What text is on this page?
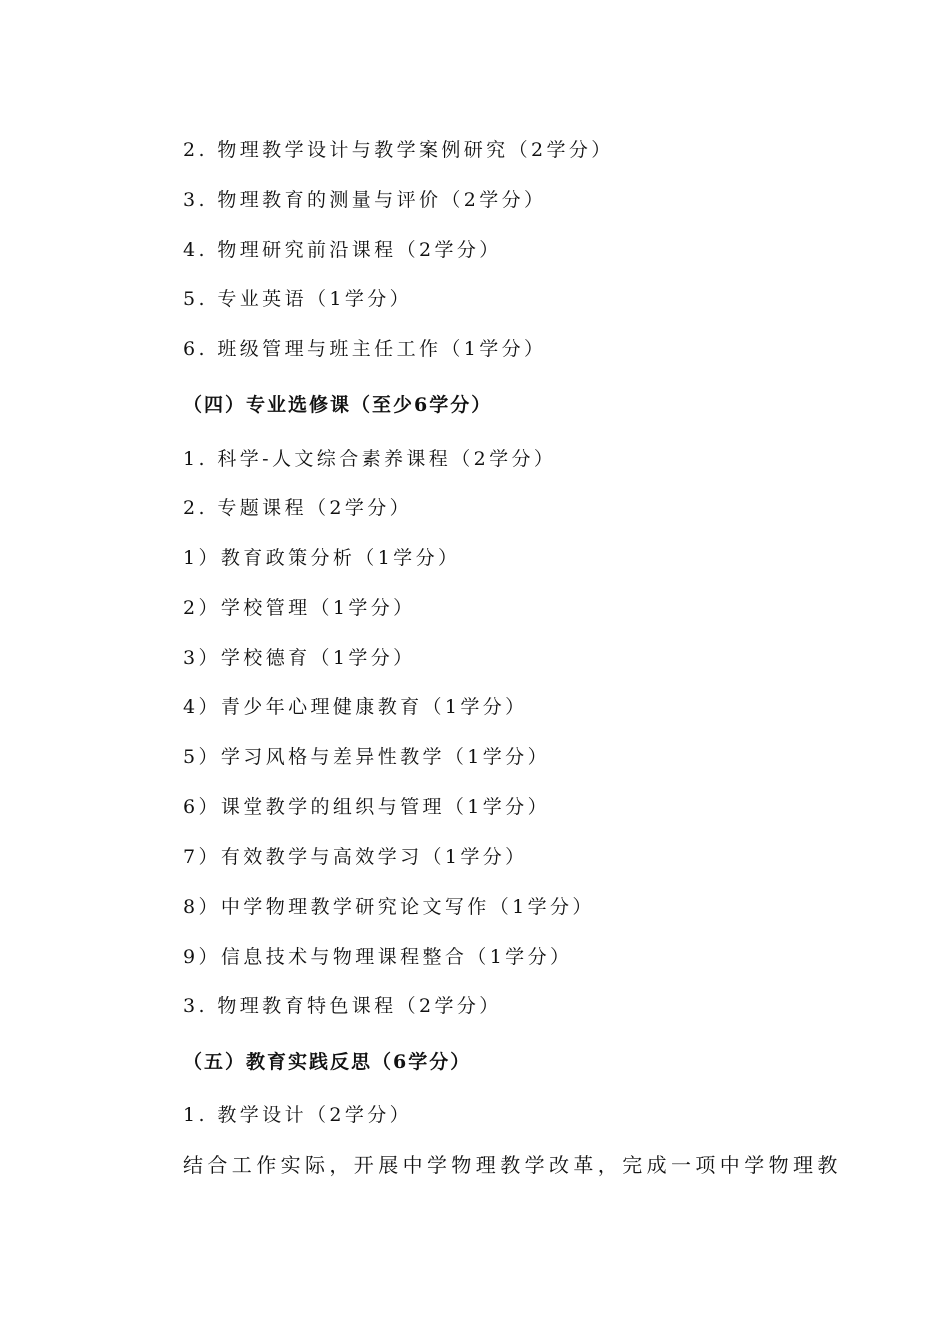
2. 物理教学设计与教学案例研究（2学分）
3. 物理教育的测量与评价（2学分）
4. 物理研究前沿课程（2学分）
5. 专业英语（1学分）
6. 班级管理与班主任工作（1学分）
（四）专业选修课（至少6学分）
1. 科学-人文综合素养课程（2学分）
2. 专题课程（2学分）
1）教育政策分析（1学分）
2）学校管理（1学分）
3）学校德育（1学分）
4）青少年心理健康教育（1学分）
5）学习风格与差异性教学（1学分）
6）课堂教学的组织与管理（1学分）
7）有效教学与高效学习（1学分）
8）中学物理教学研究论文写作（1学分）
9）信息技术与物理课程整合（1学分）
3. 物理教育特色课程（2学分）
（五）教育实践反思（6学分）
1. 教学设计（2学分）
结合工作实际，开展中学物理教学改革，完成一项中学物理教
